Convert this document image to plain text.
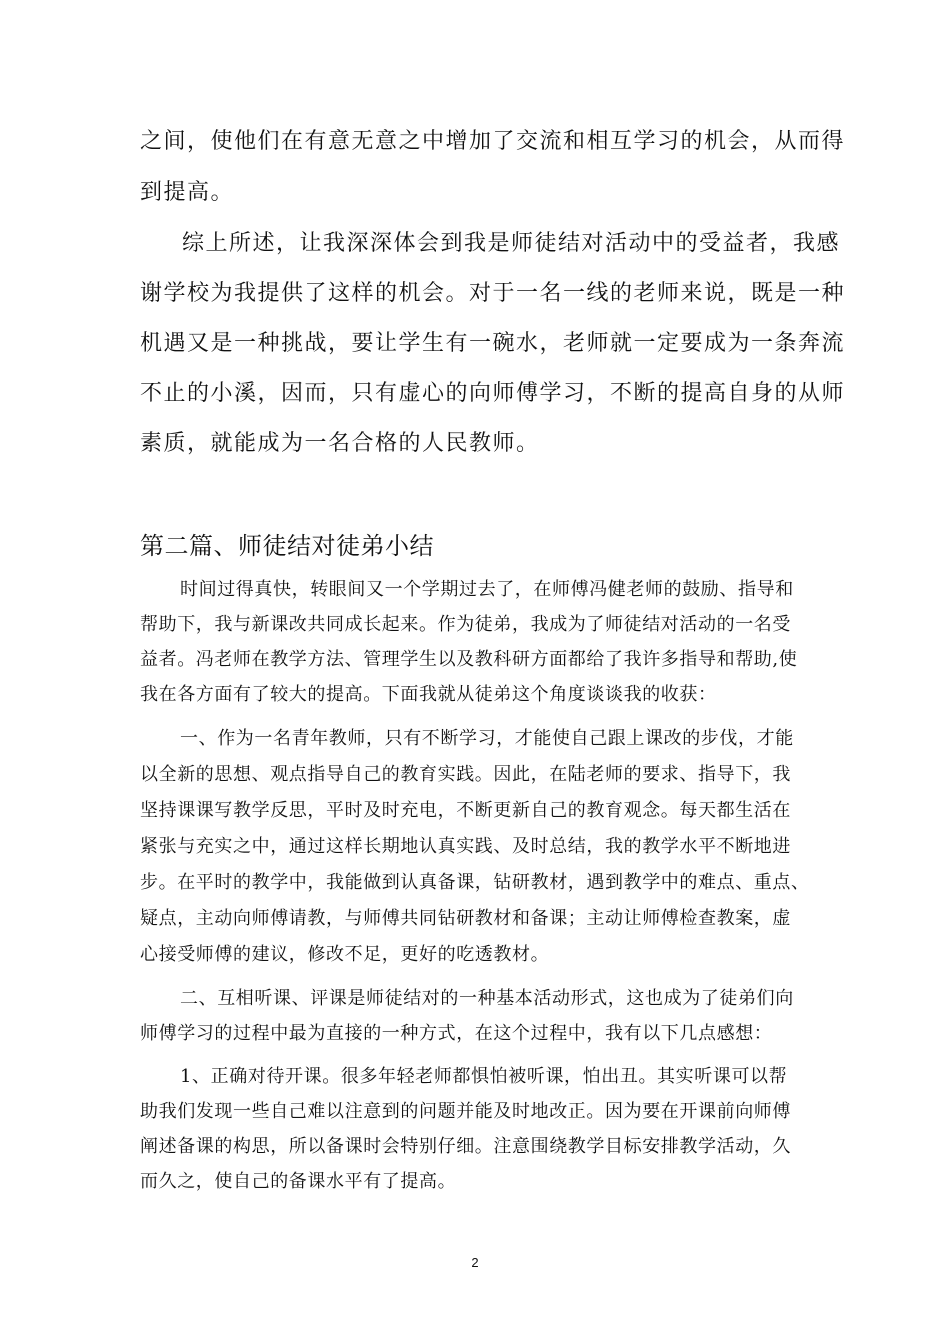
之间，使他们在有意无意之中增加了交流和相互学习的机会，从而得

到提高。

综上所述，让我深深体会到我是师徒结对活动中的受益者，我感

谢学校为我提供了这样的机会。对于一名一线的老师来说，既是一种

机遇又是一种挑战，要让学生有一碗水，老师就一定要成为一条奔流

不止的小溪，因而，只有虚心的向师傅学习，不断的提高自身的从师

素质，就能成为一名合格的人民教师。

第二篇、师徒结对徒弟小结

时间过得真快，转眼间又一个学期过去了，在师傅冯健老师的鼓励、指导和

帮助下，我与新课改共同成长起来。作为徒弟，我成为了师徒结对活动的一名受

益者。冯老师在教学方法、管理学生以及教科研方面都给了我许多指导和帮助,使

我在各方面有了较大的提高。下面我就从徒弟这个角度谈谈我的收获：

一、作为一名青年教师，只有不断学习，才能使自己跟上课改的步伐，才能

以全新的思想、观点指导自己的教育实践。因此，在陆老师的要求、指导下，我

坚持课课写教学反思，平时及时充电，不断更新自己的教育观念。每天都生活在

紧张与充实之中，通过这样长期地认真实践、及时总结，我的教学水平不断地进

步。在平时的教学中，我能做到认真备课，钻研教材，遇到教学中的难点、重点、

疑点，主动向师傅请教，与师傅共同钻研教材和备课；主动让师傅检查教案，虚

心接受师傅的建议，修改不足，更好的吃透教材。

二、互相听课、评课是师徒结对的一种基本活动形式，这也成为了徒弟们向

师傅学习的过程中最为直接的一种方式，在这个过程中，我有以下几点感想：

1、正确对待开课。很多年轻老师都惧怕被听课，怕出丑。其实听课可以帮

助我们发现一些自己难以注意到的问题并能及时地改正。因为要在开课前向师傅

阐述备课的构思，所以备课时会特别仔细。注意围绕教学目标安排教学活动，久

而久之，使自己的备课水平有了提高。

2
